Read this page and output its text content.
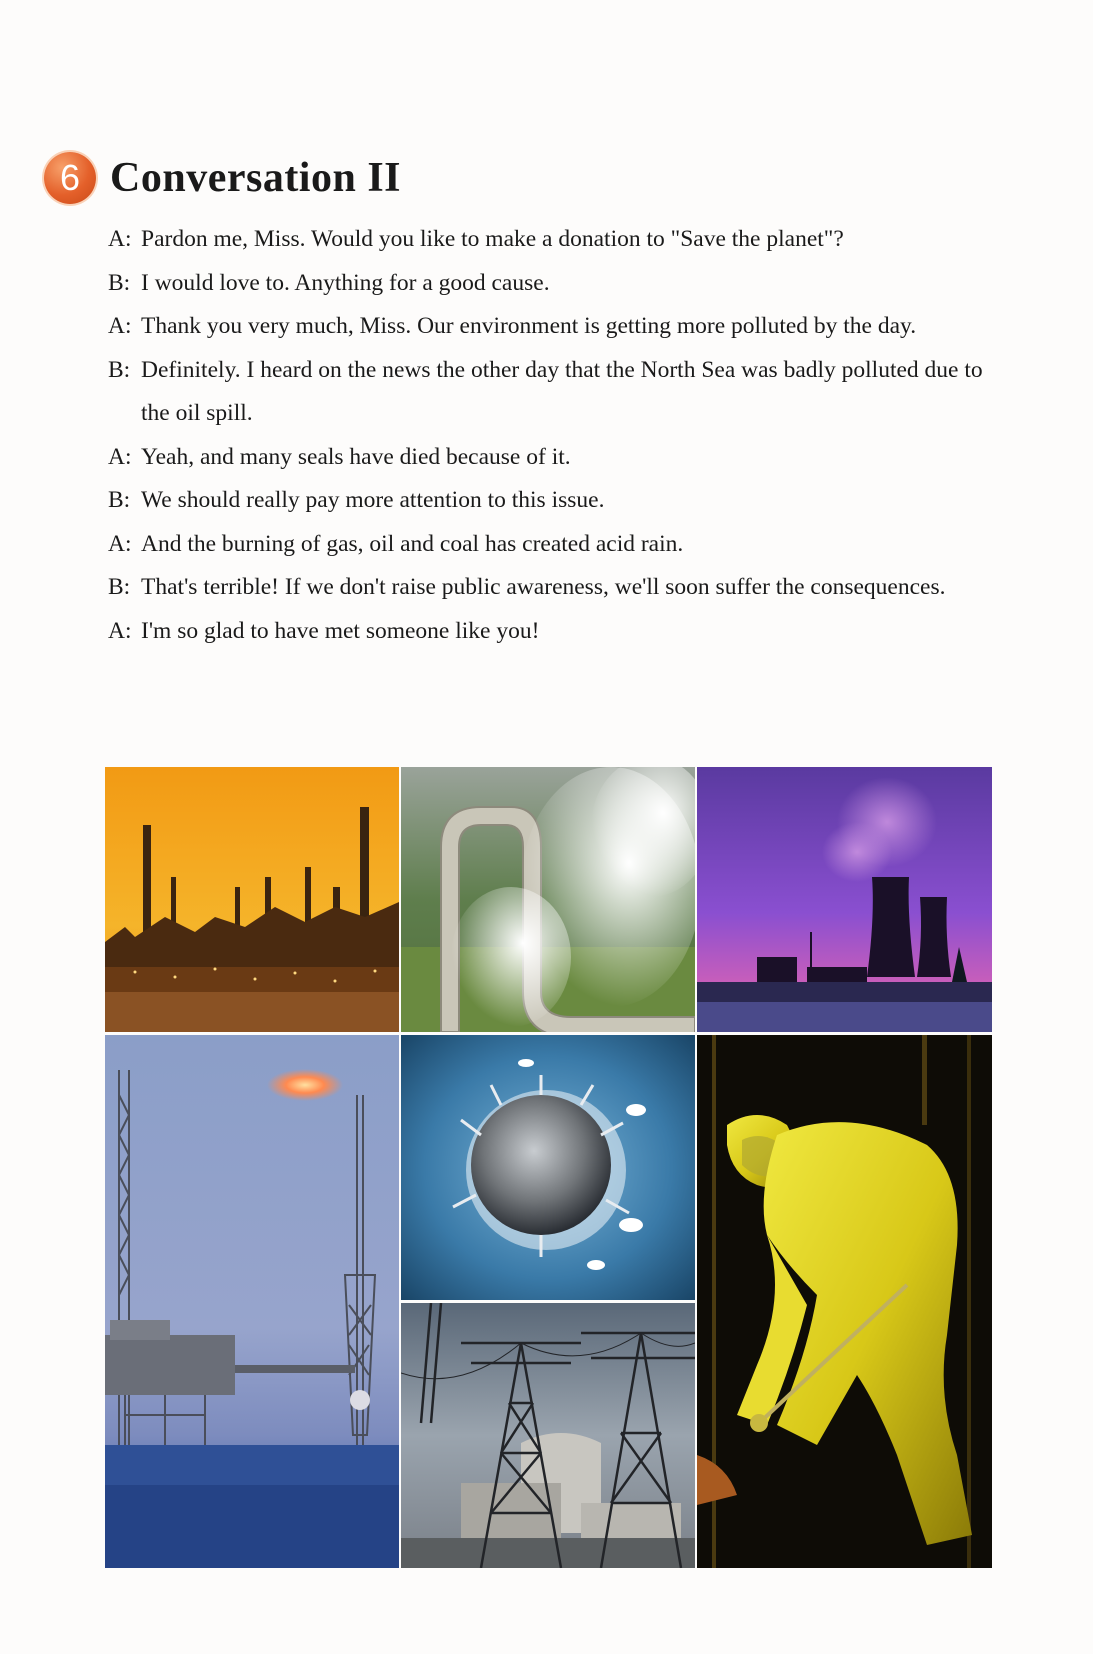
6 Conversation II
A: Pardon me, Miss. Would you like to make a donation to "Save the planet"?
B: I would love to. Anything for a good cause.
A: Thank you very much, Miss. Our environment is getting more polluted by the day.
B: Definitely. I heard on the news the other day that the North Sea was badly polluted due to the oil spill.
A: Yeah, and many seals have died because of it.
B: We should really pay more attention to this issue.
A: And the burning of gas, oil and coal has created acid rain.
B: That's terrible! If we don't raise public awareness, we'll soon suffer the consequences.
A: I'm so glad to have met someone like you!
